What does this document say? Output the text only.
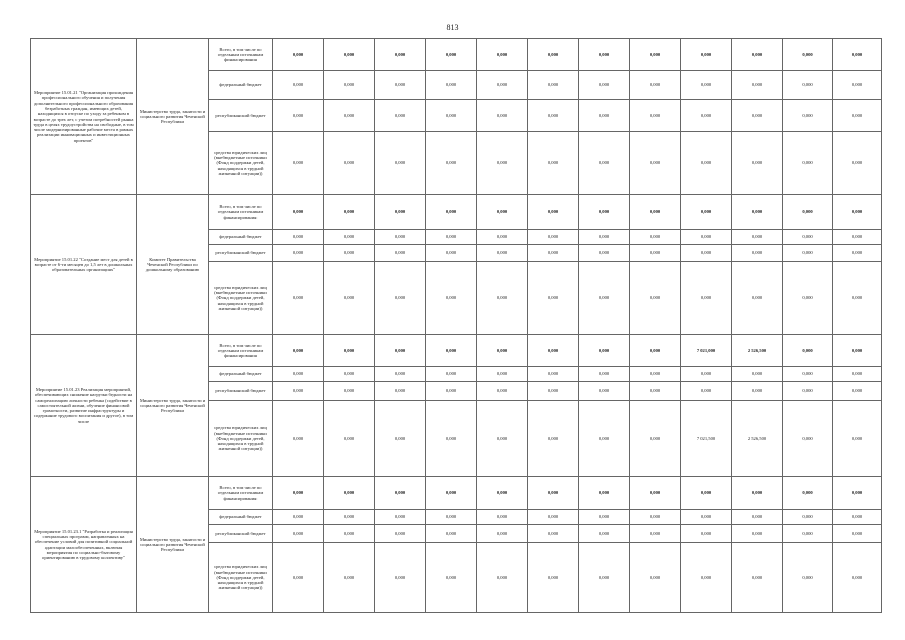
813
Мероприятие 15.01.21 "Организация прохождения профессионального обучения и получения дополнительного профессионального образования безработных граждан, имеющих детей, находящихся в отпуске по уходу за ребенком в возрасте до трех лет, с учетом потребностей рынка труда в целях трудоустройства на свободные, в том числе модернизированные рабочие места в рамках реализации инновационных и инвестиционных проектов"	Министерство труда, занятости и социального развития Чеченской Республики	Всего, в том числе по отдельным источникам финансирования	0,000	0,000	0,000	0,000	0,000	0,000	0,000	0,000	0,000	0,000	0,000	0,000
		федеральный бюджет	0,000	0,000	0,000	0,000	0,000	0,000	0,000	0,000	0,000	0,000	0,000	0,000
		республиканский бюджет	0,000	0,000	0,000	0,000	0,000	0,000	0,000	0,000	0,000	0,000	0,000	0,000
		средства юридических лиц (внебюджетные источники (Фонд поддержки детей, находящихся в трудной жизненной ситуации))	0,000	0,000	0,000	0,000	0,000	0,000	0,000	0,000	0,000	0,000	0,000	0,000
Мероприятие 15.01.22 "Создание мест для детей в возрасте от 6-ти месяцев до 1,5 лет в дошкольных образовательных организациях"	Комитет Правительства Чеченской Республики по дошкольному образованию	Всего, в том числе по отдельным источникам финансирования:	0,000	0,000	0,000	0,000	0,000	0,000	0,000	0,000	0,000	0,000	0,000	0,000
		федеральный бюджет	0,000	0,000	0,000	0,000	0,000	0,000	0,000	0,000	0,000	0,000	0,000	0,000
		республиканский бюджет	0,000	0,000	0,000	0,000	0,000	0,000	0,000	0,000	0,000	0,000	0,000	0,000
		средства юридических лиц (внебюджетные источники (Фонд поддержки детей, находящихся в трудной жизненной ситуации))	0,000	0,000	0,000	0,000	0,000	0,000	0,000	0,000	0,000	0,000	0,000	0,000
Мероприятие 15.01.23 Реализация мероприятий, обеспечивающих снижение нагрузки бедности на самореализацию личности ребенка (содействие в самостоятельной жизни, обучение финансовой грамотности, развитие инфраструктуры и содержание трудового воспитания и другое), в том числе	Министерство труда, занятости и социального развития Чеченской Республики	Всего, в том числе по отдельным источникам финансирования	0,000	0,000	0,000	0,000	0,000	0,000	0,000	0,000	7 021,000	2 526,500	0,000	0,000
		федеральный бюджет	0,000	0,000	0,000	0,000	0,000	0,000	0,000	0,000	0,000	0,000	0,000	0,000
		республиканский бюджет	0,000	0,000	0,000	0,000	0,000	0,000	0,000	0,000	0,000	0,000	0,000	0,000
		средства юридических лиц (внебюджетные источники (Фонд поддержки детей, находящихся в трудной жизненной ситуации))	0,000	0,000	0,000	0,000	0,000	0,000	0,000	0,000	7 021,500	2 526,500	0,000	0,000
Мероприятие 15.01.23.1 "Разработка и реализация специальных программ, направленных на обеспечение условий для позитивной социальной адаптации малообеспеченных, включая мероприятия по социально-бытовому ориентированию в трудовому коллективу"	Министерство труда, занятости и социального развития Чеченской Республики	Всего, в том числе по отдельным источникам финансирования:	0,000	0,000	0,000	0,000	0,000	0,000	0,000	0,000	0,000	0,000	0,000	0,000
		федеральный бюджет	0,000	0,000	0,000	0,000	0,000	0,000	0,000	0,000	0,000	0,000	0,000	0,000
		республиканский бюджет	0,000	0,000	0,000	0,000	0,000	0,000	0,000	0,000	0,000	0,000	0,000	0,000
		средства юридических лиц (внебюджетные источники (Фонд поддержки детей, находящихся в трудной жизненной ситуации))	0,000	0,000	0,000	0,000	0,000	0,000	0,000	0,000	0,000	0,000	0,000	0,000
